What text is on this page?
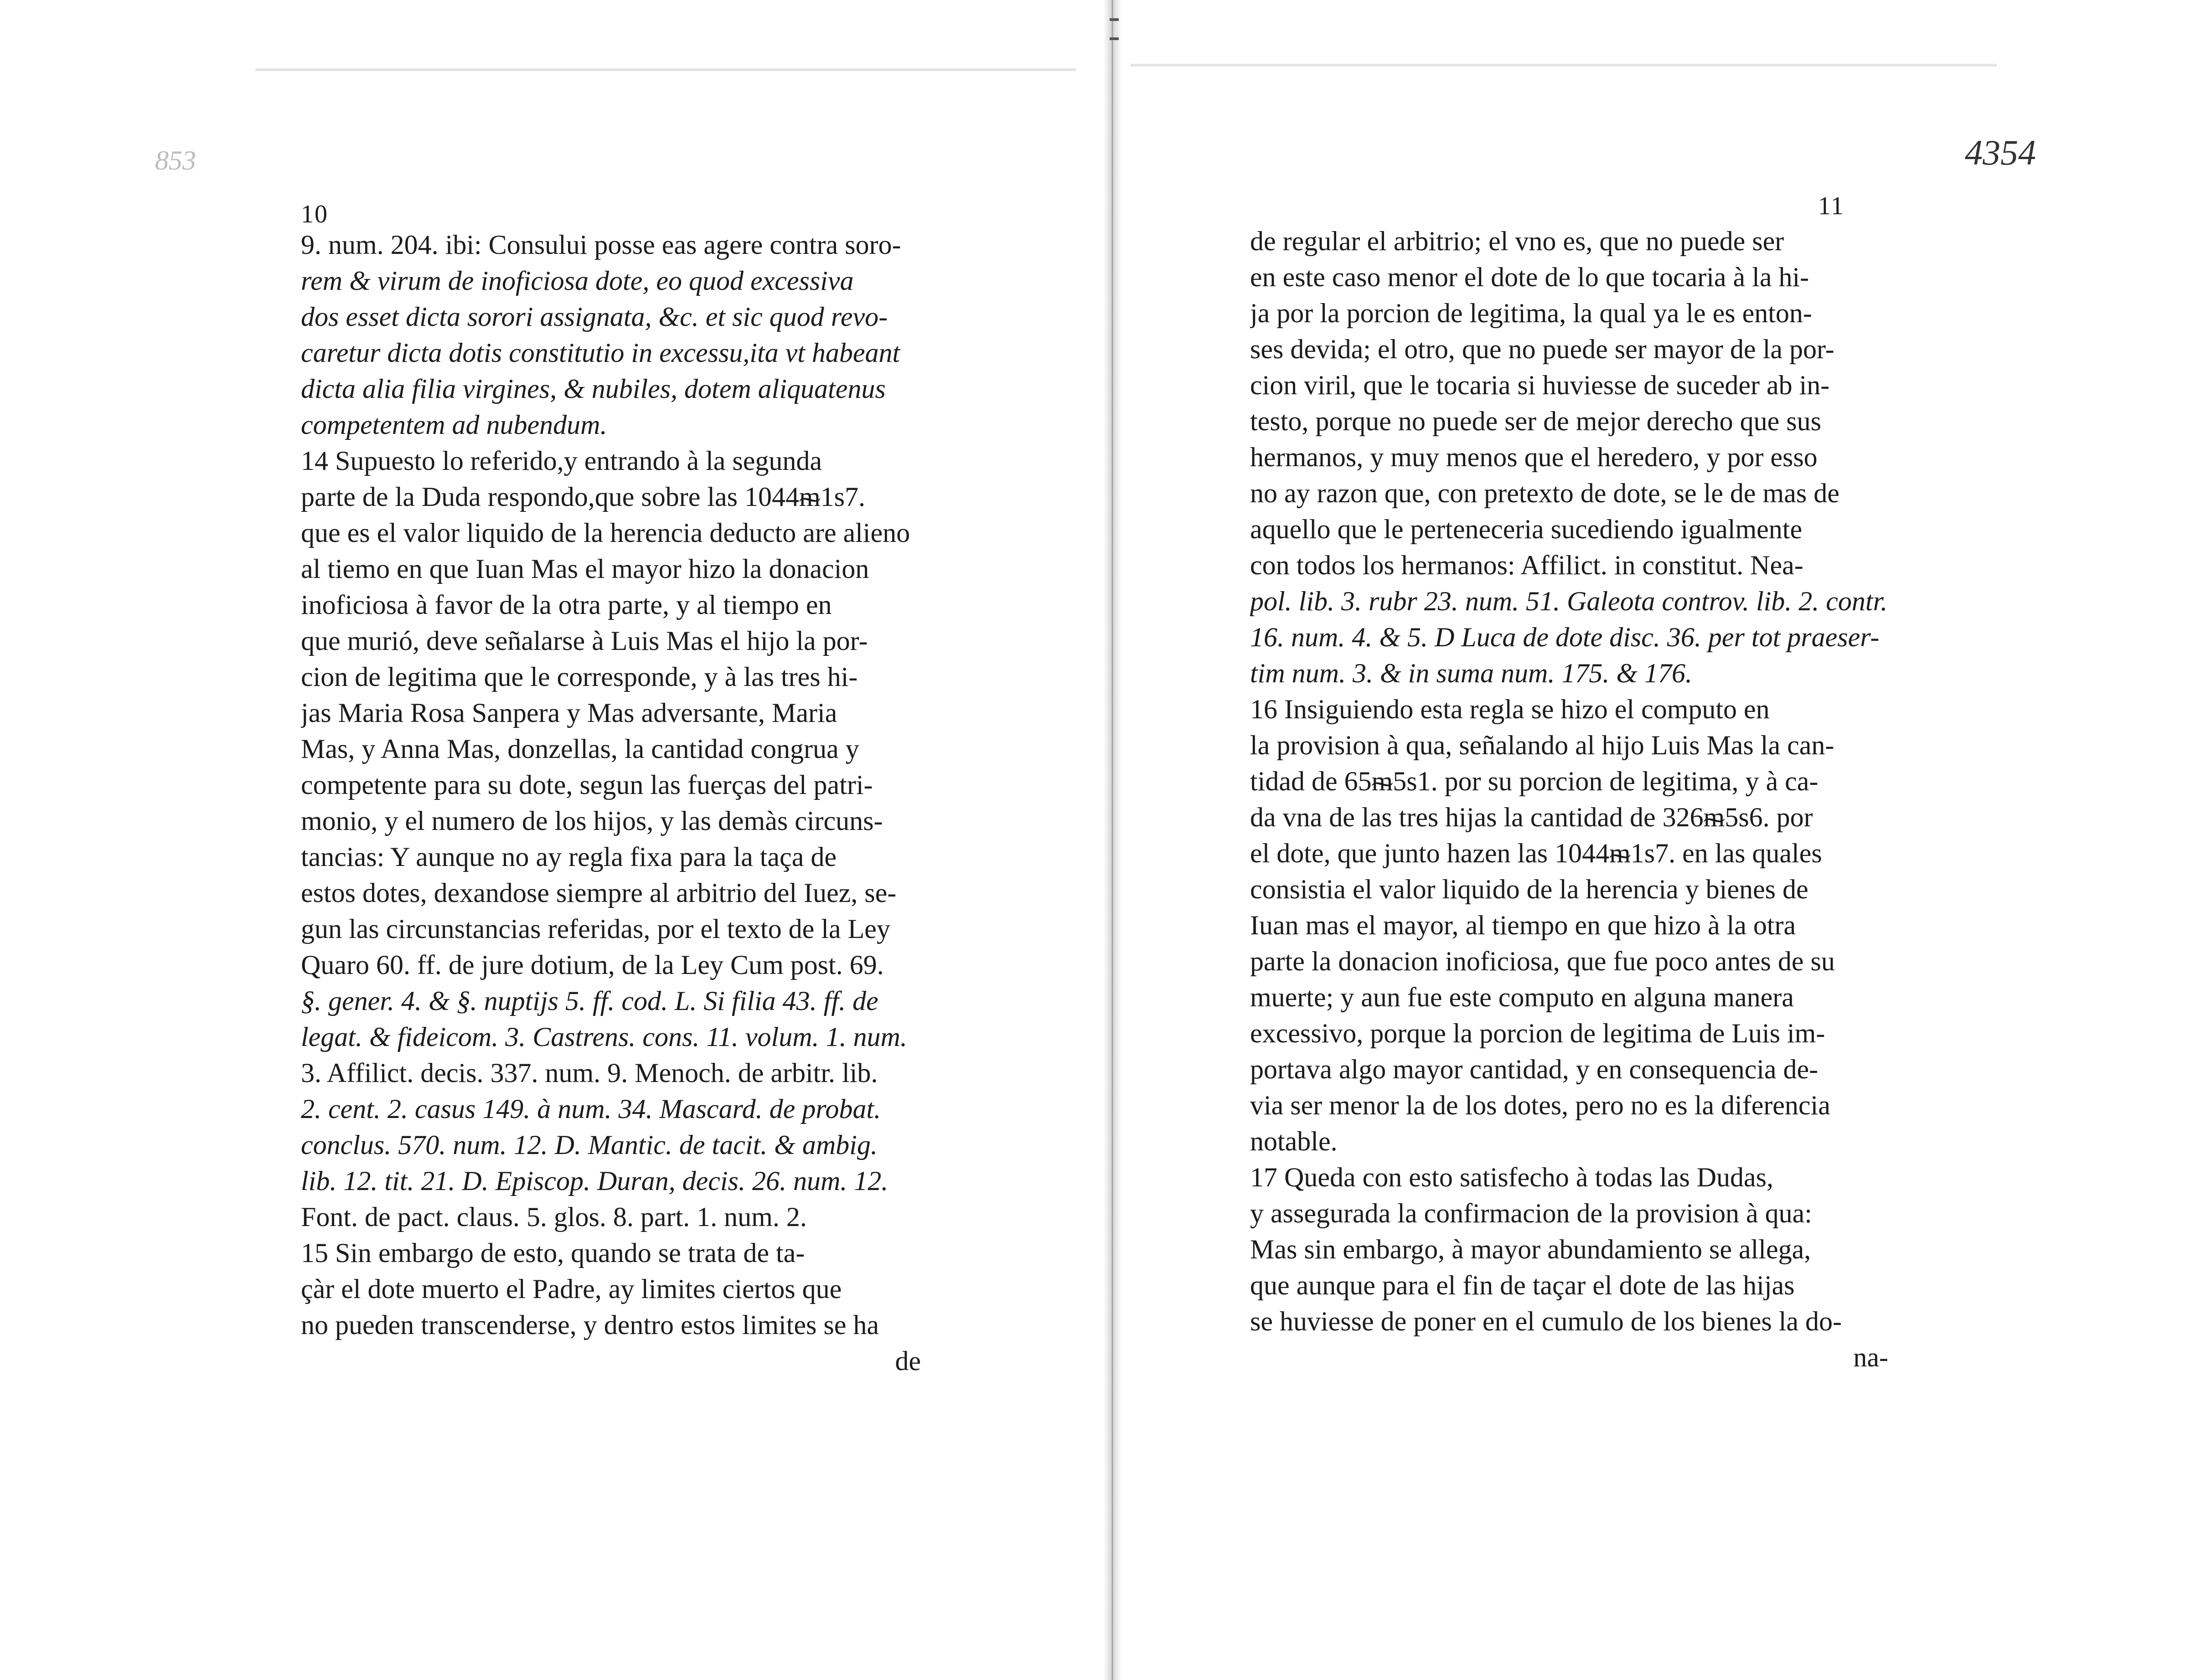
853
10
9. num. 204. ibi: Consului posse eas agere contra soro-
rem & virum de inoficiosa dote, eo quod excessiva
dos esset dicta sorori assignata, &c. et sic quod revo-
caretur dicta dotis constitutio in excessu,ita vt habeant
dicta alia filia virgines, & nubiles, dotem aliquatenus
competentem ad nubendum.
14 Supuesto lo referido,y entrando à la segunda
parte de la Duda respondo,que sobre las 1044ᵯ1s7.
que es el valor liquido de la herencia deducto are alieno
al tiemo en que Iuan Mas el mayor hizo la donacion
inoficiosa à favor de la otra parte, y al tiempo en
que murió, deve señalarse à Luis Mas el hijo la por-
cion de legitima que le corresponde, y à las tres hi-
jas Maria Rosa Sanpera y Mas adversante, Maria
Mas, y Anna Mas, donzellas, la cantidad congrua y
competente para su dote, segun las fuerças del patri-
monio, y el numero de los hijos, y las demàs circuns-
tancias: Y aunque no ay regla fixa para la taça de
estos dotes, dexandose siempre al arbitrio del Iuez, se-
gun las circunstancias referidas, por el texto de la Ley
Quaro 60. ff. de jure dotium, de la Ley Cum post. 69.
§. gener. 4. & §. nuptijs 5. ff. cod. L. Si filia 43. ff. de
legat. & fideicom. 3. Castrens. cons. 11. volum. 1. num.
3. Affilict. decis. 337. num. 9. Menoch. de arbitr. lib.
2. cent. 2. casus 149. à num. 34. Mascard. de probat.
conclus. 570. num. 12. D. Mantic. de tacit. & ambig.
lib. 12. tit. 21. D. Episcop. Duran, decis. 26. num. 12.
Font. de pact. claus. 5. glos. 8. part. 1. num. 2.
15 Sin embargo de esto, quando se trata de ta-
çàr el dote muerto el Padre, ay limites ciertos que
no pueden transcenderse, y dentro estos limites se ha
de
4354
11
de regular el arbitrio; el vno es, que no puede ser
en este caso menor el dote de lo que tocaria à la hi-
ja por la porcion de legitima, la qual ya le es enton-
ses devida; el otro, que no puede ser mayor de la por-
cion viril, que le tocaria si huviesse de suceder ab in-
testo, porque no puede ser de mejor derecho que sus
hermanos, y muy menos que el heredero, y por esso
no ay razon que, con pretexto de dote, se le de mas de
aquello que le perteneceria sucediendo igualmente
con todos los hermanos: Affilict. in constitut. Nea-
pol. lib. 3. rubr 23. num. 51. Galeota controv. lib. 2. contr.
16. num. 4. & 5. D Luca de dote disc. 36. per tot praeser-
tim num. 3. & in suma num. 175. & 176.
16 Insiguiendo esta regla se hizo el computo en
la provision à qua, señalando al hijo Luis Mas la can-
tidad de 65ᵯ5s1. por su porcion de legitima, y à ca-
da vna de las tres hijas la cantidad de 326ᵯ5s6. por
el dote, que junto hazen las 1044ᵯ1s7. en las quales
consistia el valor liquido de la herencia y bienes de
Iuan mas el mayor, al tiempo en que hizo à la otra
parte la donacion inoficiosa, que fue poco antes de su
muerte; y aun fue este computo en alguna manera
excessivo, porque la porcion de legitima de Luis im-
portava algo mayor cantidad, y en consequencia de-
via ser menor la de los dotes, pero no es la diferencia
notable.
17 Queda con esto satisfecho à todas las Dudas,
y assegurada la confirmacion de la provision à qua:
Mas sin embargo, à mayor abundamiento se allega,
que aunque para el fin de taçar el dote de las hijas
se huviesse de poner en el cumulo de los bienes la do-
na-
